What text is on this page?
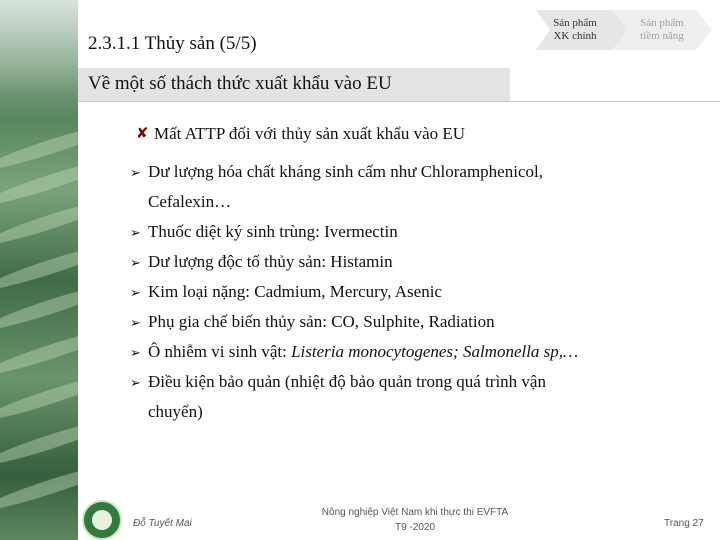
Sản phẩm
XK chính
Sản phẩm
tiềm năng
2.3.1.1 Thủy sản (5/5)
Về một số thách thức xuất khẩu vào EU
✘ Mất ATTP đối với thủy sản xuất khẩu vào EU
➢ Dư lượng hóa chất kháng sinh cấm như Chloramphenicol,
Cefalexin…
➢ Thuốc diệt ký sinh trùng: Ivermectin
➢ Dư lượng độc tố thủy sản: Histamin
➢ Kim loại nặng: Cadmium, Mercury, Asenic
➢ Phụ gia chế biến thủy sản: CO, Sulphite, Radiation
➢ Ô nhiễm vi sinh vật: Listeria monocytogenes; Salmonella sp,…
➢ Điều kiện bảo quản (nhiệt độ bảo quản trong quá trình vận
chuyển)
Đỗ Tuyết Mai
Nông nghiệp Việt Nam khi thực thi EVFTA
T9 -2020	Trang 27
